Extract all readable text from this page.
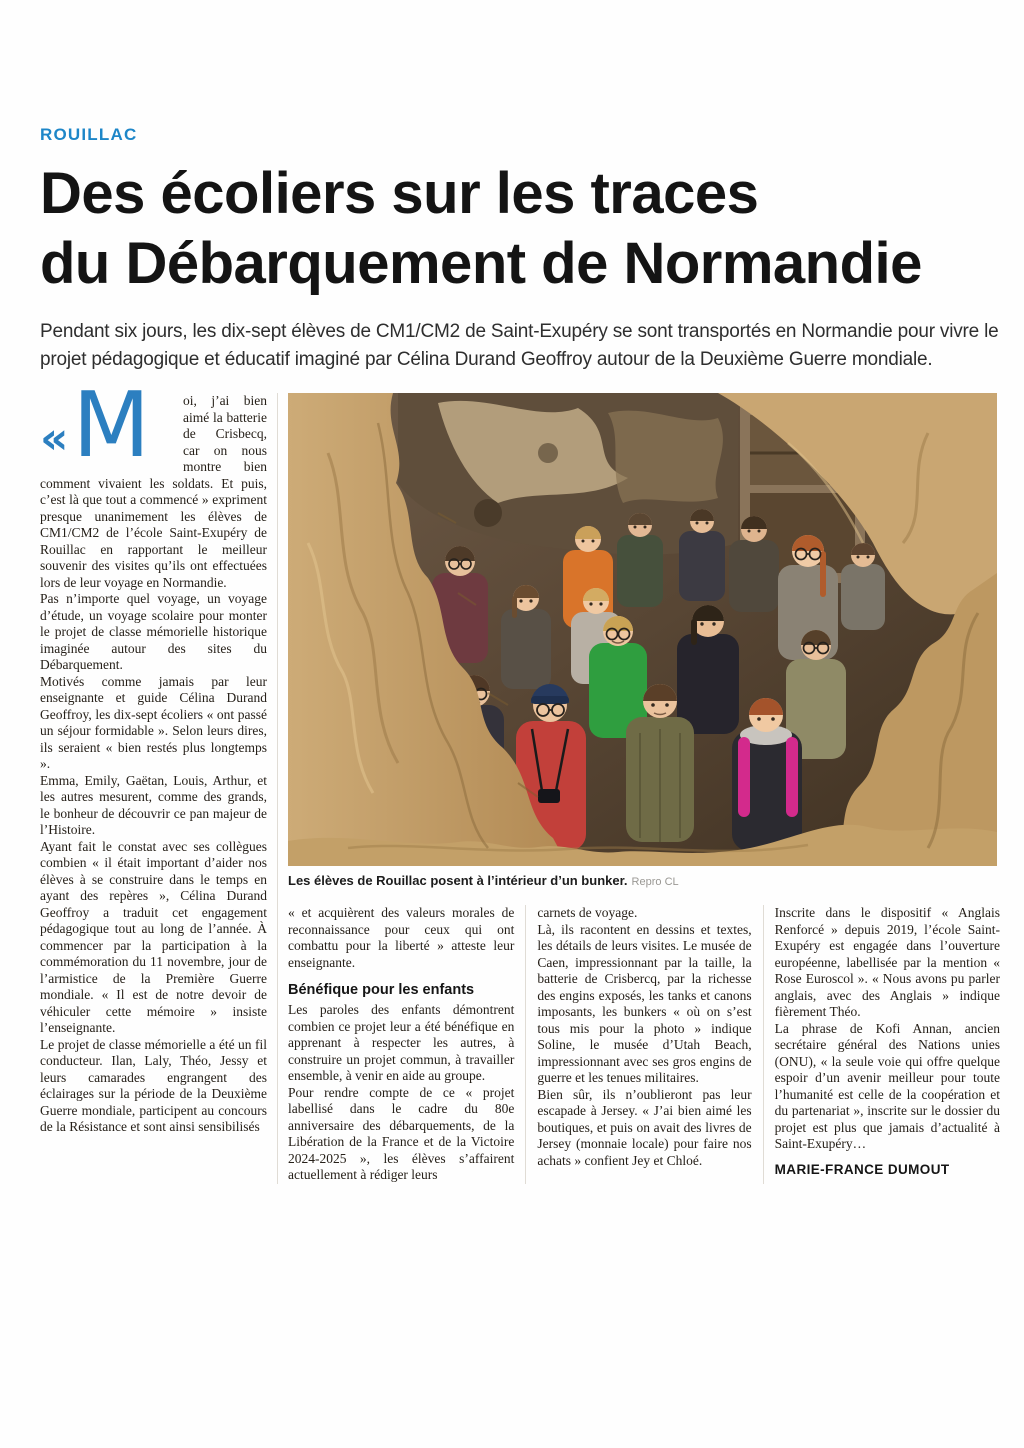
ROUILLAC
Des écoliers sur les traces
du Débarquement de Normandie

Pendant six jours, les dix-sept élèves de CM1/CM2 de Saint-Exupéry se sont transportés en Normandie pour vivre le projet pédagogique et éducatif imaginé par Célina Durand Geoffroy autour de la Deuxième Guerre mondiale.

« M	oi, j’ai bien aimé la batterie de Crisbecq, car on nous montre bien comment vivaient les soldats. Et puis, c’est là que tout a commencé » expriment presque unanimement les élèves de CM1/CM2 de l’école Saint-Exupéry de Rouillac en rapportant le meilleur souvenir des visites qu’ils ont effectuées lors de leur voyage en Normandie.

Pas n’importe quel voyage, un voyage d’étude, un voyage scolaire pour monter le projet de classe mémorielle historique imaginée autour des sites du Débarquement.

Motivés comme jamais par leur enseignante et guide Célina Durand Geoffroy, les dix-sept écoliers « ont passé un séjour formidable ». Selon leurs dires, ils seraient « bien restés plus longtemps ».

Emma, Emily, Gaëtan, Louis, Arthur, et les autres mesurent, comme des grands, le bonheur de découvrir ce pan majeur de l’Histoire.

Ayant fait le constat avec ses collègues combien « il était important d’aider nos élèves à se construire dans le temps en ayant des repères », Célina Durand Geoffroy a traduit cet engagement pédagogique tout au long de l’année. À commencer par la participation à la commémoration du 11 novembre, jour de l’armistice de la Première Guerre mondiale. « Il est de notre devoir de véhiculer cette mémoire » insiste l’enseignante.

Le projet de classe mémorielle a été un fil conducteur. Ilan, Laly, Théo, Jessy et leurs camarades engrangent des éclairages sur la période de la Deuxième Guerre mondiale, participent au concours de la Résistance et sont ainsi sensibilisés

Les élèves de Rouillac posent à l’intérieur d’un bunker. Repro CL

« et acquièrent des valeurs morales de reconnaissance pour ceux qui ont combattu pour la liberté » atteste leur enseignante.

Bénéfique pour les enfants

Les paroles des enfants démontrent combien ce projet leur a été bénéfique en apprenant à respecter les autres, à construire un projet commun, à travailler ensemble, à venir en aide au groupe.

Pour rendre compte de ce « projet labellisé dans le cadre du 80e anniversaire des débarquements, de la Libération de la France et de la Victoire 2024-2025 », les élèves s’affairent actuellement à rédiger leurs

carnets de voyage.

Là, ils racontent en dessins et textes, les détails de leurs visites. Le musée de Caen, impressionnant par la taille, la batterie de Crisbercq, par la richesse des engins exposés, les tanks et canons imposants, les bunkers « où on s’est tous mis pour la photo » indique Soline, le musée d’Utah Beach, impressionnant avec ses gros engins de guerre et les tenues militaires.

Bien sûr, ils n’oublieront pas leur escapade à Jersey. « J’ai bien aimé les boutiques, et puis on avait des livres de Jersey (monnaie locale) pour faire nos achats » confient Jey et Chloé.

Inscrite dans le dispositif « Anglais Renforcé » depuis 2019, l’école Saint-Exupéry est engagée dans l’ouverture européenne, labellisée par la mention « Rose Euroscol ». « Nous avons pu parler anglais, avec des Anglais » indique fièrement Théo.

La phrase de Kofi Annan, ancien secrétaire général des Nations unies (ONU), « la seule voie qui offre quelque espoir d’un avenir meilleur pour toute l’humanité est celle de la coopération et du partenariat », inscrite sur le dossier du projet est plus que jamais d’actualité à Saint-Exupéry…

MARIE-FRANCE DUMOUT
